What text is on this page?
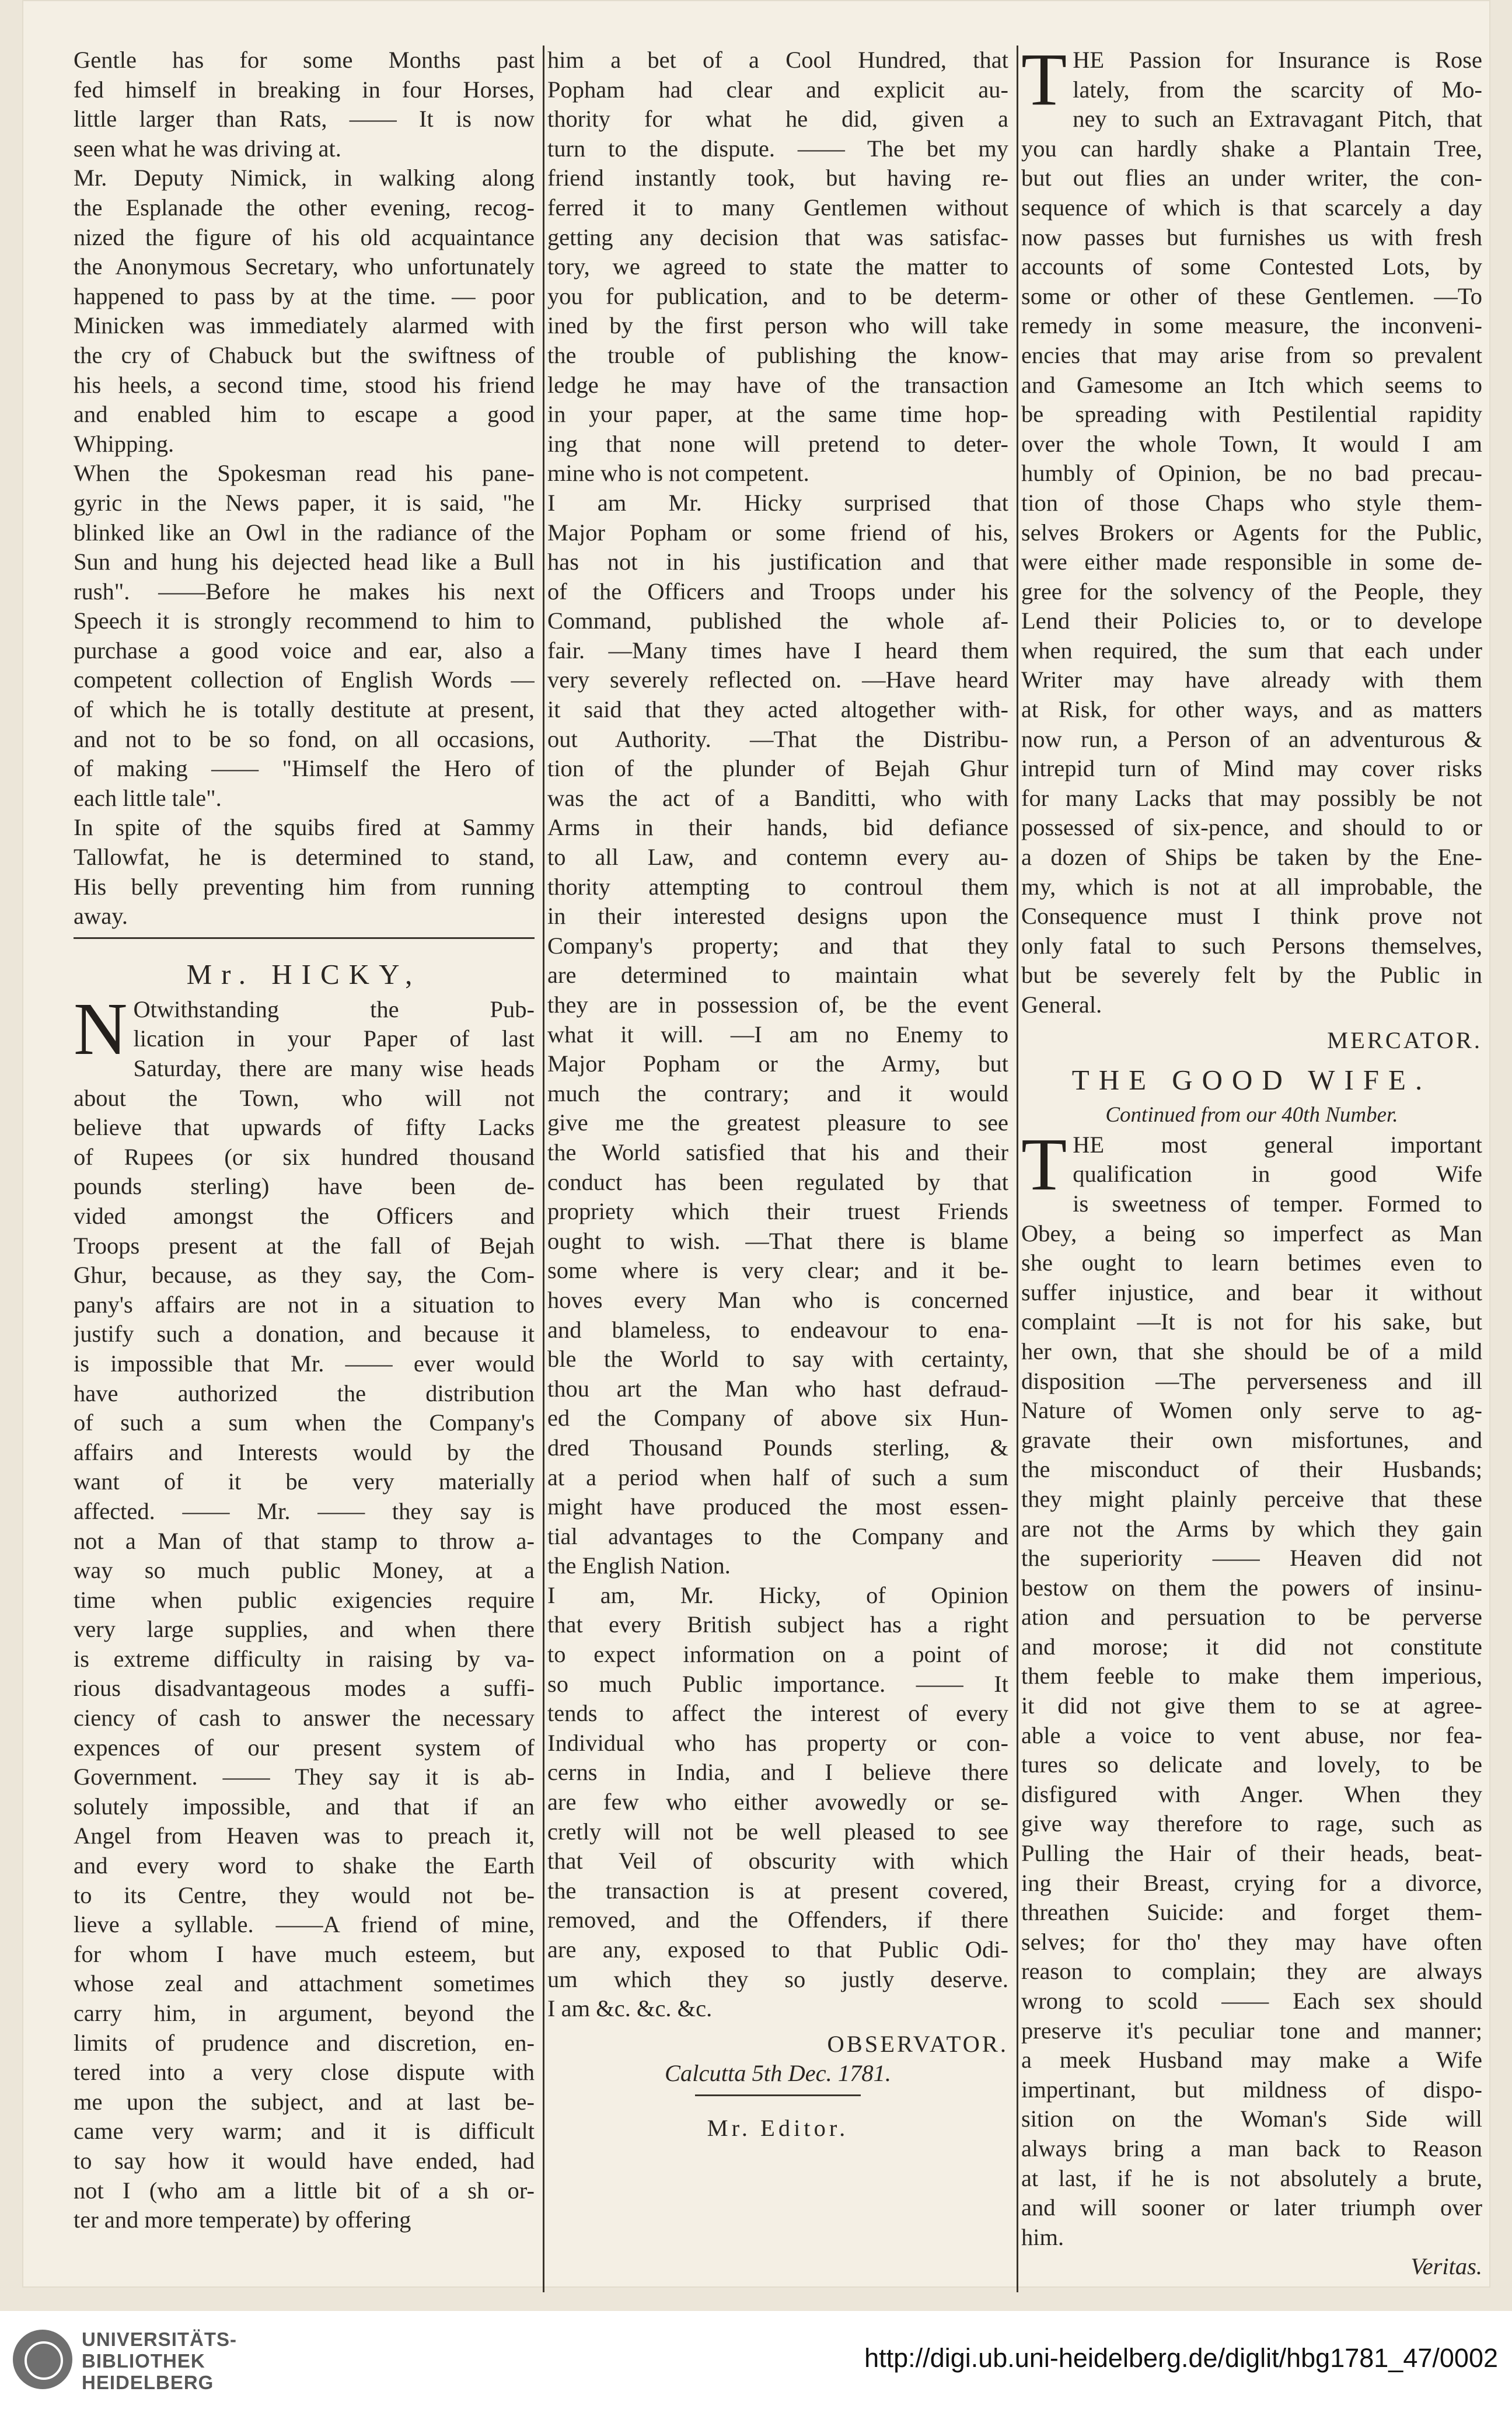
Gentle has for some Months past
fed himself in breaking in four Horses,
little larger than Rats, —— It is now
seen what he was driving at.
Mr. Deputy Nimick, in walking along
the Esplanade the other evening, recog-
nized the figure of his old acquaintance
the Anonymous Secretary, who unfortunately
happened to pass by at the time. — poor
Minicken was immediately alarmed with
the cry of Chabuck but the swiftness of
his heels, a second time, stood his friend
and enabled him to escape a good
Whipping.
When the Spokesman read his pane-
gyric in the News paper, it is said, "he
blinked like an Owl in the radiance of the
Sun and hung his dejected head like a Bull
rush". ——Before he makes his next
Speech it is strongly recommend to him to
purchase a good voice and ear, also a
competent collection of English Words —
of which he is totally destitute at present,
and not to be so fond, on all occasions,
of making —— "Himself the Hero of
each little tale".
In spite of the squibs fired at Sammy
Tallowfat, he is determined to stand,
His belly preventing him from running
away.
Mr. HICKY,
N Otwithstanding the Pub-
lication in your Paper of last
Saturday, there are many wise heads
about the Town, who will not
believe that upwards of fifty Lacks
of Rupees (or six hundred thousand
pounds sterling) have been de-
vided amongst the Officers and
Troops present at the fall of Bejah
Ghur, because, as they say, the Com-
pany's affairs are not in a situation to
justify such a donation, and because it
is impossible that Mr. —— ever would
have authorized the distribution
of such a sum when the Company's
affairs and Interests would by the
want of it be very materially
affected. —— Mr. —— they say is
not a Man of that stamp to throw a-
way so much public Money, at a
time when public exigencies require
very large supplies, and when there
is extreme difficulty in raising by va-
rious disadvantageous modes a suffi-
ciency of cash to answer the necessary
expences of our present system of
Government. —— They say it is ab-
solutely impossible, and that if an
Angel from Heaven was to preach it,
and every word to shake the Earth
to its Centre, they would not be-
lieve a syllable. ——A friend of mine,
for whom I have much esteem, but
whose zeal and attachment sometimes
carry him, in argument, beyond the
limits of prudence and discretion, en-
tered into a very close dispute with
me upon the subject, and at last be-
came very warm; and it is difficult
to say how it would have ended, had
not I (who am a little bit of a sh or-
ter and more temperate) by offering
him a bet of a Cool Hundred, that
Popham had clear and explicit au-
thority for what he did, given a
turn to the dispute. —— The bet my
friend instantly took, but having re-
ferred it to many Gentlemen without
getting any decision that was satisfac-
tory, we agreed to state the matter to
you for publication, and to be determ-
ined by the first person who will take
the trouble of publishing the know-
ledge he may have of the transaction
in your paper, at the same time hop-
ing that none will pretend to deter-
mine who is not competent.
I am Mr. Hicky surprised that
Major Popham or some friend of his,
has not in his justification and that
of the Officers and Troops under his
Command, published the whole af-
fair. —Many times have I heard them
very severely reflected on. —Have heard
it said that they acted altogether with-
out Authority. —That the Distribu-
tion of the plunder of Bejah Ghur
was the act of a Banditti, who with
Arms in their hands, bid defiance
to all Law, and contemn every au-
thority attempting to controul them
in their interested designs upon the
Company's property; and that they
are determined to maintain what
they are in possession of, be the event
what it will. —I am no Enemy to
Major Popham or the Army, but
much the contrary; and it would
give me the greatest pleasure to see
the World satisfied that his and their
conduct has been regulated by that
propriety which their truest Friends
ought to wish. —That there is blame
some where is very clear; and it be-
hoves every Man who is concerned
and blameless, to endeavour to ena-
ble the World to say with certainty,
thou art the Man who hast defraud-
ed the Company of above six Hun-
dred Thousand Pounds sterling, &
at a period when half of such a sum
might have produced the most essen-
tial advantages to the Company and
the English Nation.
I am, Mr. Hicky, of Opinion
that every British subject has a right
to expect information on a point of
so much Public importance. —— It
tends to affect the interest of every
Individual who has property or con-
cerns in India, and I believe there
are few who either avowedly or se-
cretly will not be well pleased to see
that Veil of obscurity with which
the transaction is at present covered,
removed, and the Offenders, if there
are any, exposed to that Public Odi-
um which they so justly deserve.
I am &c. &c. &c.
OBSERVATOR.
Calcutta 5th Dec. 1781.
Mr. Editor.
T HE Passion for Insurance is Rose
lately, from the scarcity of Mo-
ney to such an Extravagant Pitch, that
you can hardly shake a Plantain Tree,
but out flies an under writer, the con-
sequence of which is that scarcely a day
now passes but furnishes us with fresh
accounts of some Contested Lots, by
some or other of these Gentlemen. —To
remedy in some measure, the inconveni-
encies that may arise from so prevalent
and Gamesome an Itch which seems to
be spreading with Pestilential rapidity
over the whole Town, It would I am
humbly of Opinion, be no bad precau-
tion of those Chaps who style them-
selves Brokers or Agents for the Public,
were either made responsible in some de-
gree for the solvency of the People, they
Lend their Policies to, or to develope
when required, the sum that each under
Writer may have already with them
at Risk, for other ways, and as matters
now run, a Person of an adventurous &
intrepid turn of Mind may cover risks
for many Lacks that may possibly be not
possessed of six-pence, and should to or
a dozen of Ships be taken by the Ene-
my, which is not at all improbable, the
Consequence must I think prove not
only fatal to such Persons themselves,
but be severely felt by the Public in
General.
MERCATOR.
THE GOOD WIFE.
Continued from our 40th Number.
T HE most general important
qualification in good Wife
is sweetness of temper. Formed to
Obey, a being so imperfect as Man
she ought to learn betimes even to
suffer injustice, and bear it without
complaint —It is not for his sake, but
her own, that she should be of a mild
disposition —The perverseness and ill
Nature of Women only serve to ag-
gravate their own misfortunes, and
the misconduct of their Husbands;
they might plainly perceive that these
are not the Arms by which they gain
the superiority —— Heaven did not
bestow on them the powers of insinu-
ation and persuation to be perverse
and morose; it did not constitute
them feeble to make them imperious,
it did not give them to se at agree-
able a voice to vent abuse, nor fea-
tures so delicate and lovely, to be
disfigured with Anger. When they
give way therefore to rage, such as
Pulling the Hair of their heads, beat-
ing their Breast, crying for a divorce,
threathen Suicide: and forget them-
selves; for tho' they may have often
reason to complain; they are always
wrong to scold —— Each sex should
preserve it's peculiar tone and manner;
a meek Husband may make a Wife
impertinant, but mildness of dispo-
sition on the Woman's Side will
always bring a man back to Reason
at last, if he is not absolutely a brute,
and will sooner or later triumph over
him.
Veritas.
UNIVERSITÄTS-
BIBLIOTHEK
HEIDELBERG
http://digi.ub.uni-heidelberg.de/diglit/hbg1781_47/0002
